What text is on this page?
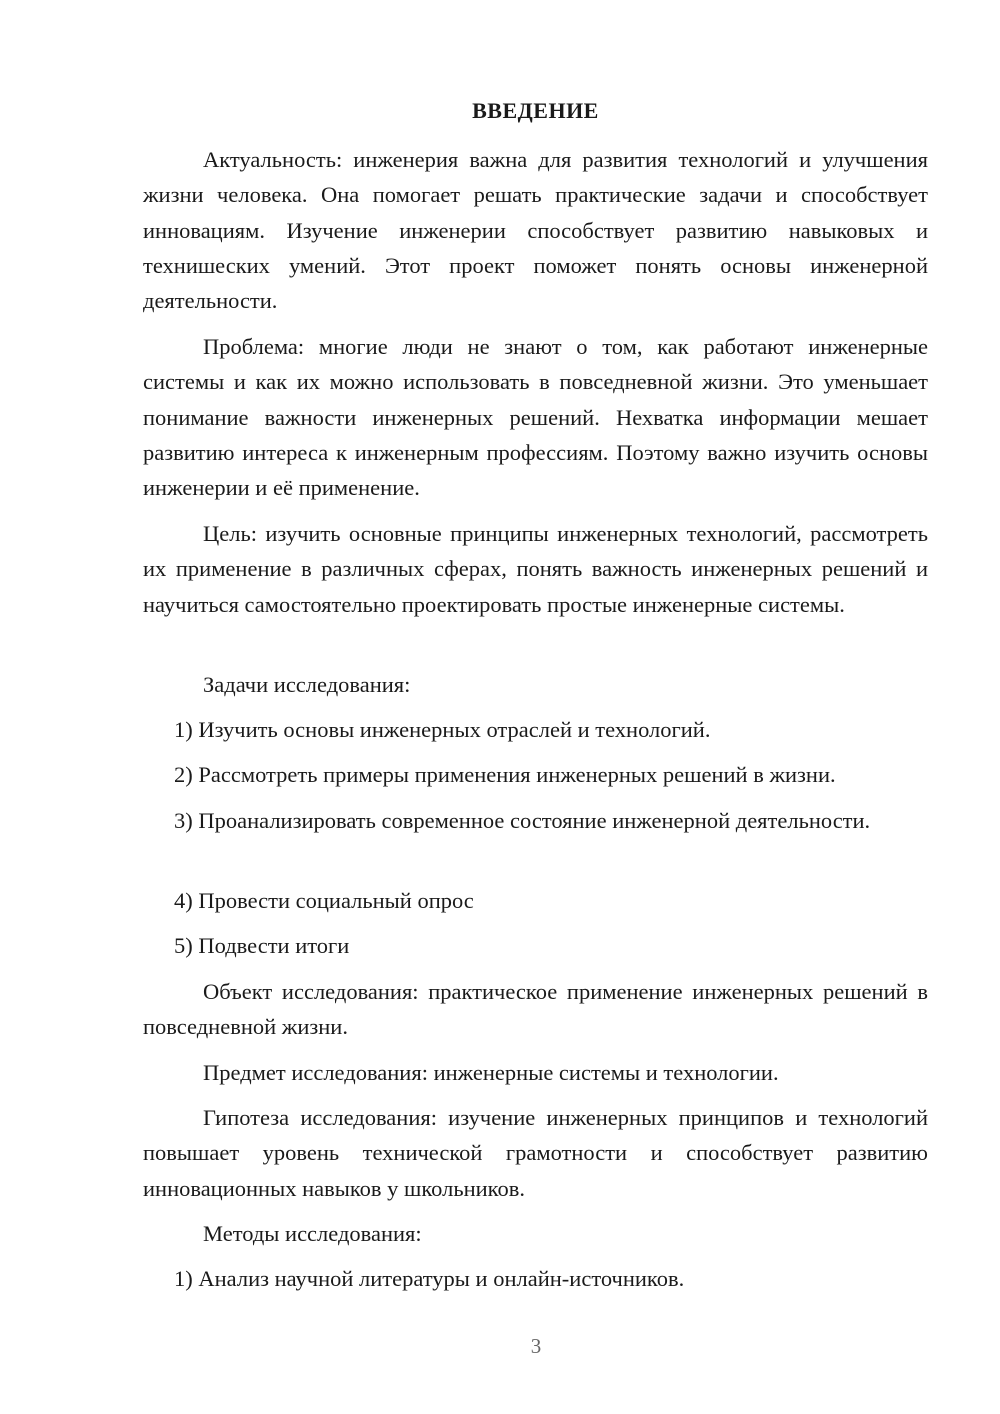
ВВЕДЕНИЕ

Актуальность: инженерия важна для развития технологий и улучшения жизни человека. Она помогает решать практические задачи и способствует инновациям. Изучение инженерии способствует развитию навыковых и технишеских умений. Этот проект поможет понять основы инженерной деятельности.

Проблема: многие люди не знают о том, как работают инженерные системы и как их можно использовать в повседневной жизни. Это уменьшает понимание важности инженерных решений. Нехватка информации мешает развитию интереса к инженерным профессиям. Поэтому важно изучить основы инженерии и её применение.

Цель: изучить основные принципы инженерных технологий, рассмотреть их применение в различных сферах, понять важность инженерных решений и научиться самостоятельно проектировать простые инженерные системы.

Задачи исследования:

1) Изучить основы инженерных отраслей и технологий.

2) Рассмотреть примеры применения инженерных решений в жизни.

3) Проанализировать современное состояние инженерной деятельности.

4) Провести социальный опрос

5) Подвести итоги

Объект исследования: практическое применение инженерных решений в повседневной жизни.

Предмет исследования: инженерные системы и технологии.

Гипотеза исследования: изучение инженерных принципов и технологий повышает уровень технической грамотности и способствует развитию инновационных навыков у школьников.

Методы исследования:

1) Анализ научной литературы и онлайн-источников.

3
